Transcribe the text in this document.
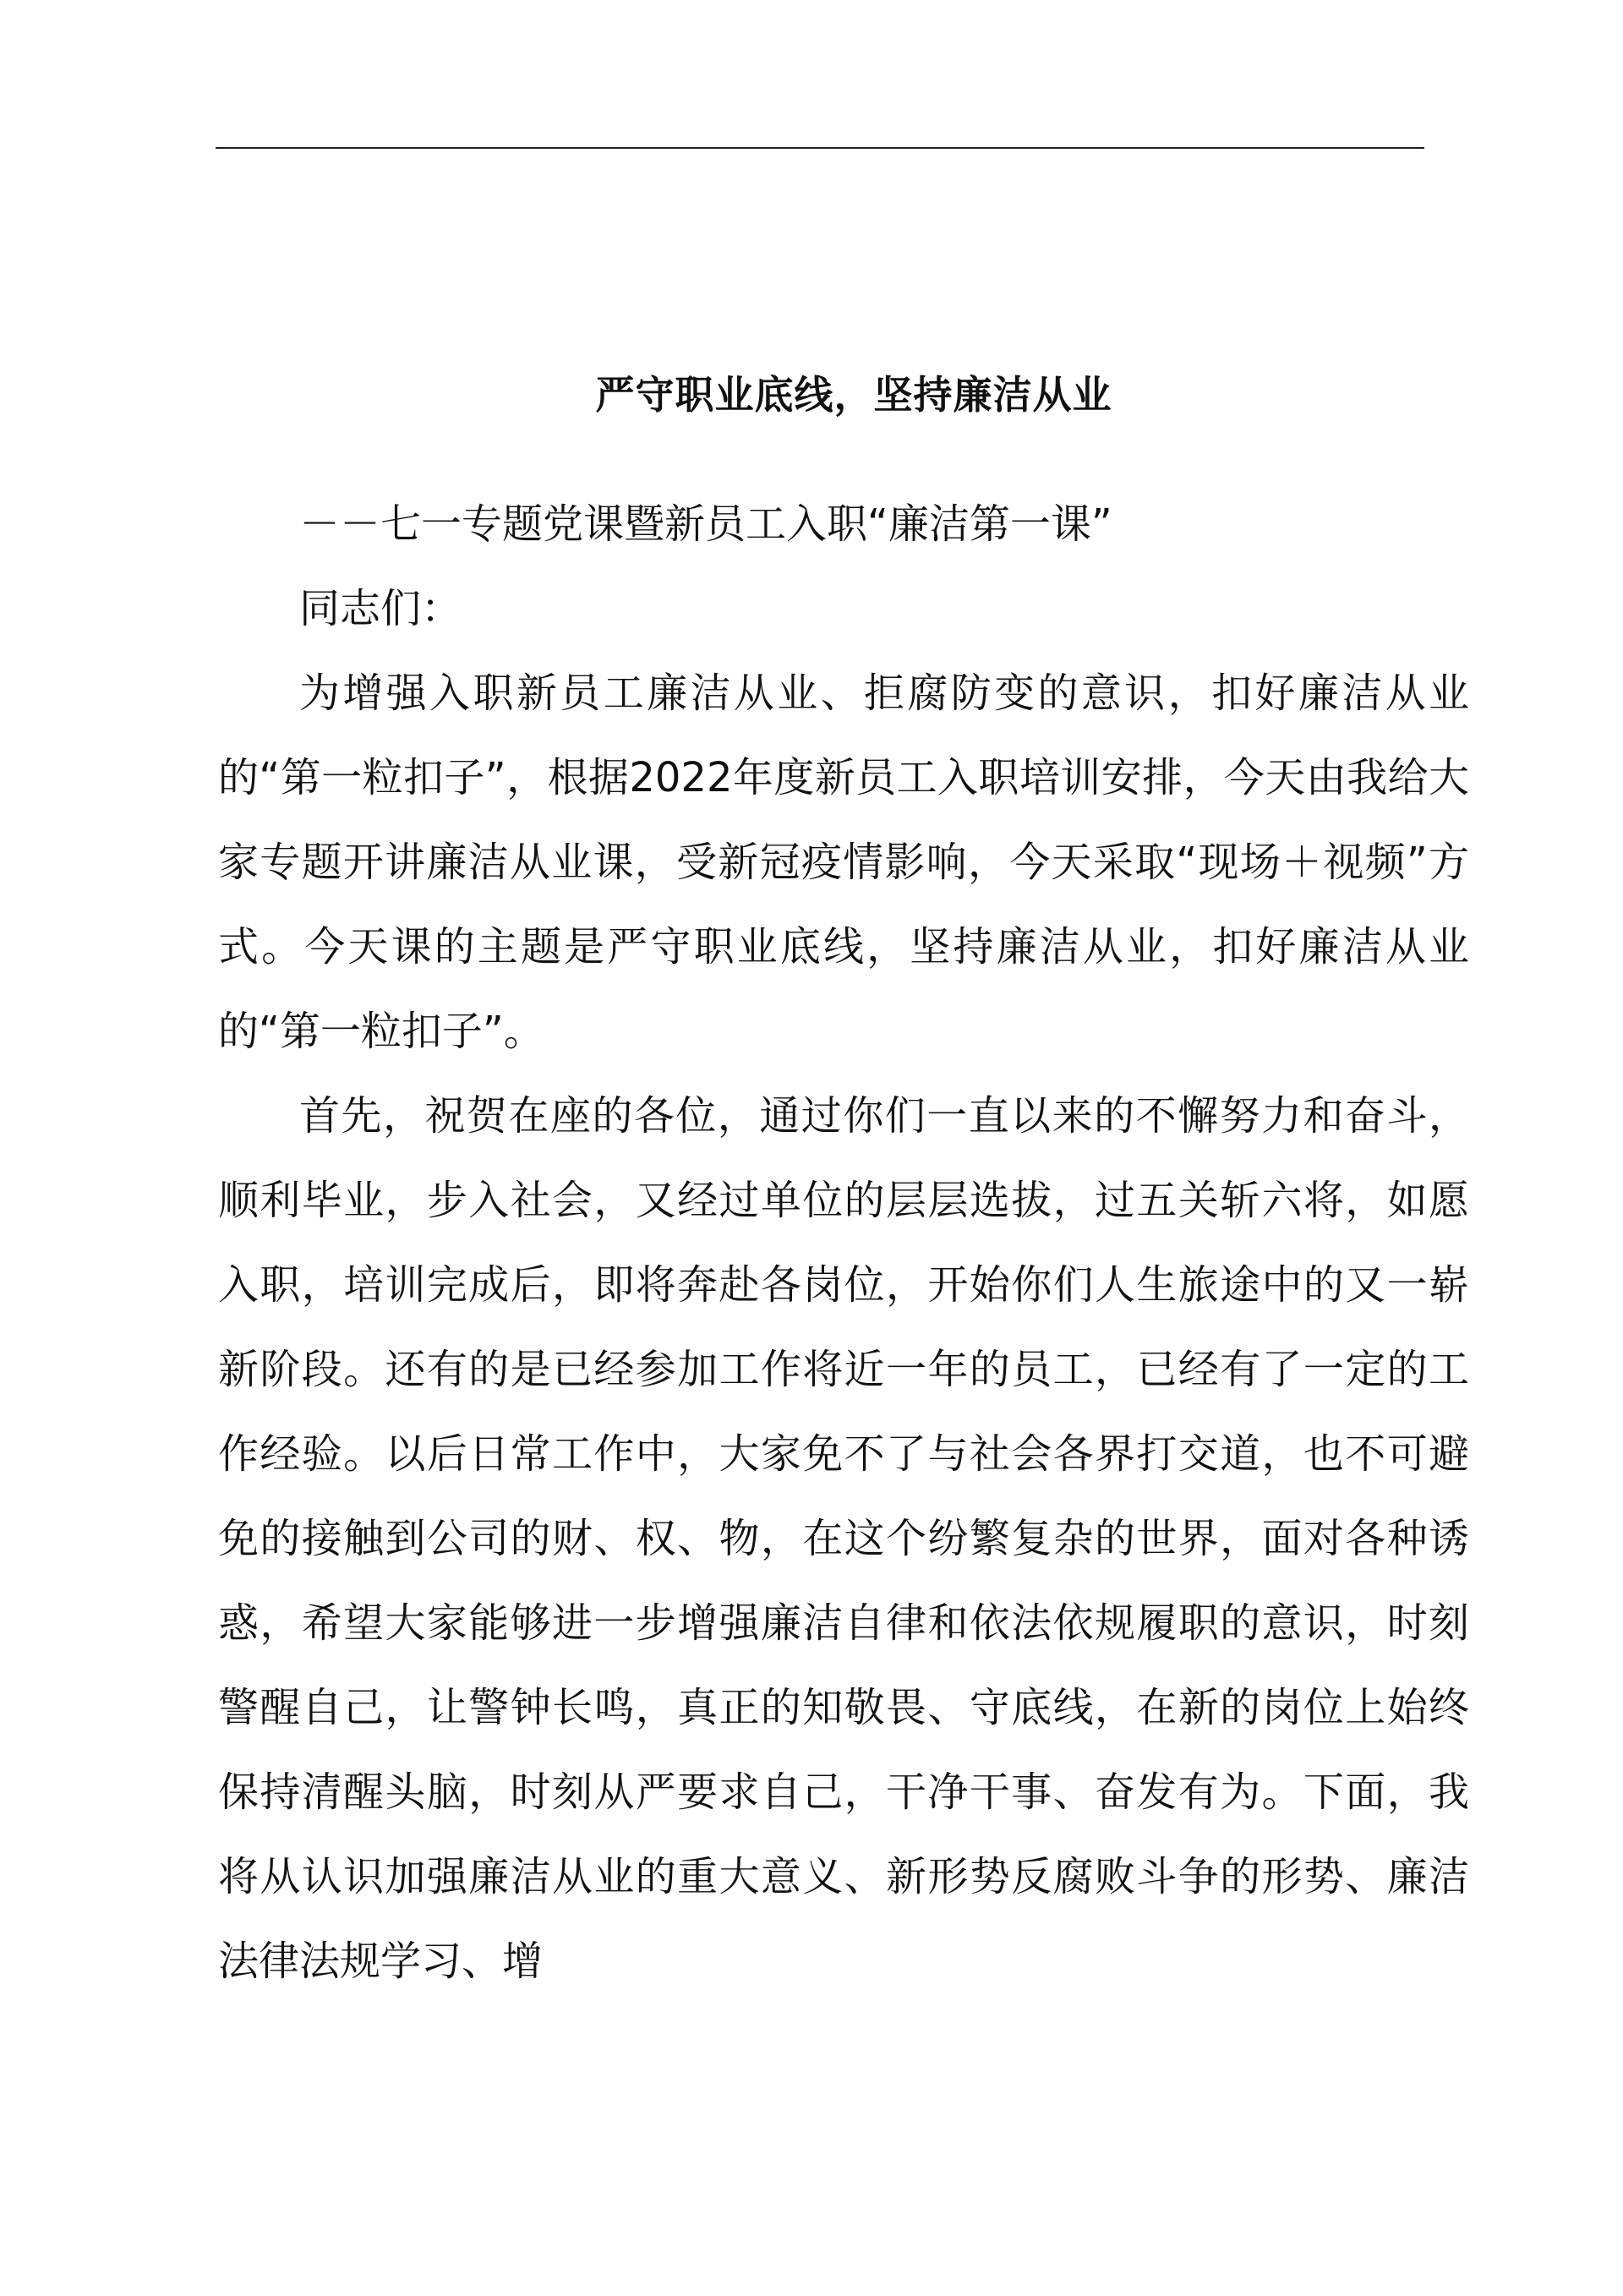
严守职业底线，坚持廉洁从业

－－七一专题党课暨新员工入职“廉洁第一课”

同志们：

为增强入职新员工廉洁从业、拒腐防变的意识，扣好廉洁从业的“第一粒扣子”，根据2022年度新员工入职培训安排，今天由我给大家专题开讲廉洁从业课，受新冠疫情影响，今天采取“现场＋视频”方式。今天课的主题是严守职业底线，坚持廉洁从业，扣好廉洁从业的“第一粒扣子”。

首先，祝贺在座的各位，通过你们一直以来的不懈努力和奋斗，顺利毕业，步入社会，又经过单位的层层选拔，过五关斩六将，如愿入职，培训完成后，即将奔赴各岗位，开始你们人生旅途中的又一崭新阶段。还有的是已经参加工作将近一年的员工，已经有了一定的工作经验。以后日常工作中，大家免不了与社会各界打交道，也不可避免的接触到公司的财、权、物，在这个纷繁复杂的世界，面对各种诱惑，希望大家能够进一步增强廉洁自律和依法依规履职的意识，时刻警醒自己，让警钟长鸣，真正的知敬畏、守底线，在新的岗位上始终保持清醒头脑，时刻从严要求自己，干净干事、奋发有为。下面，我将从认识加强廉洁从业的重大意义、新形势反腐败斗争的形势、廉洁法律法规学习、增
